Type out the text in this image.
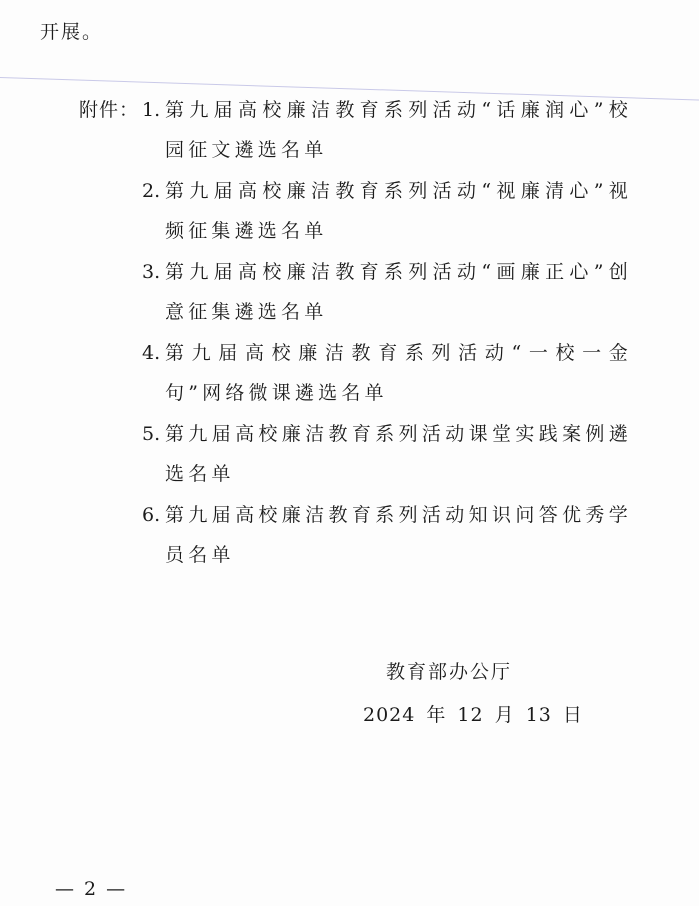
开展。
附件： 1. 第九届高校廉洁教育系列活动“话廉润心”校园征文遴选名单
2. 第九届高校廉洁教育系列活动“视廉清心”视频征集遴选名单
3. 第九届高校廉洁教育系列活动“画廉正心”创意征集遴选名单
4. 第九届高校廉洁教育系列活动“一校一金句”网络微课遴选名单
5. 第九届高校廉洁教育系列活动课堂实践案例遴选名单
6. 第九届高校廉洁教育系列活动知识问答优秀学员名单
教育部办公厅
2024 年 12 月 13 日
— 2 —
